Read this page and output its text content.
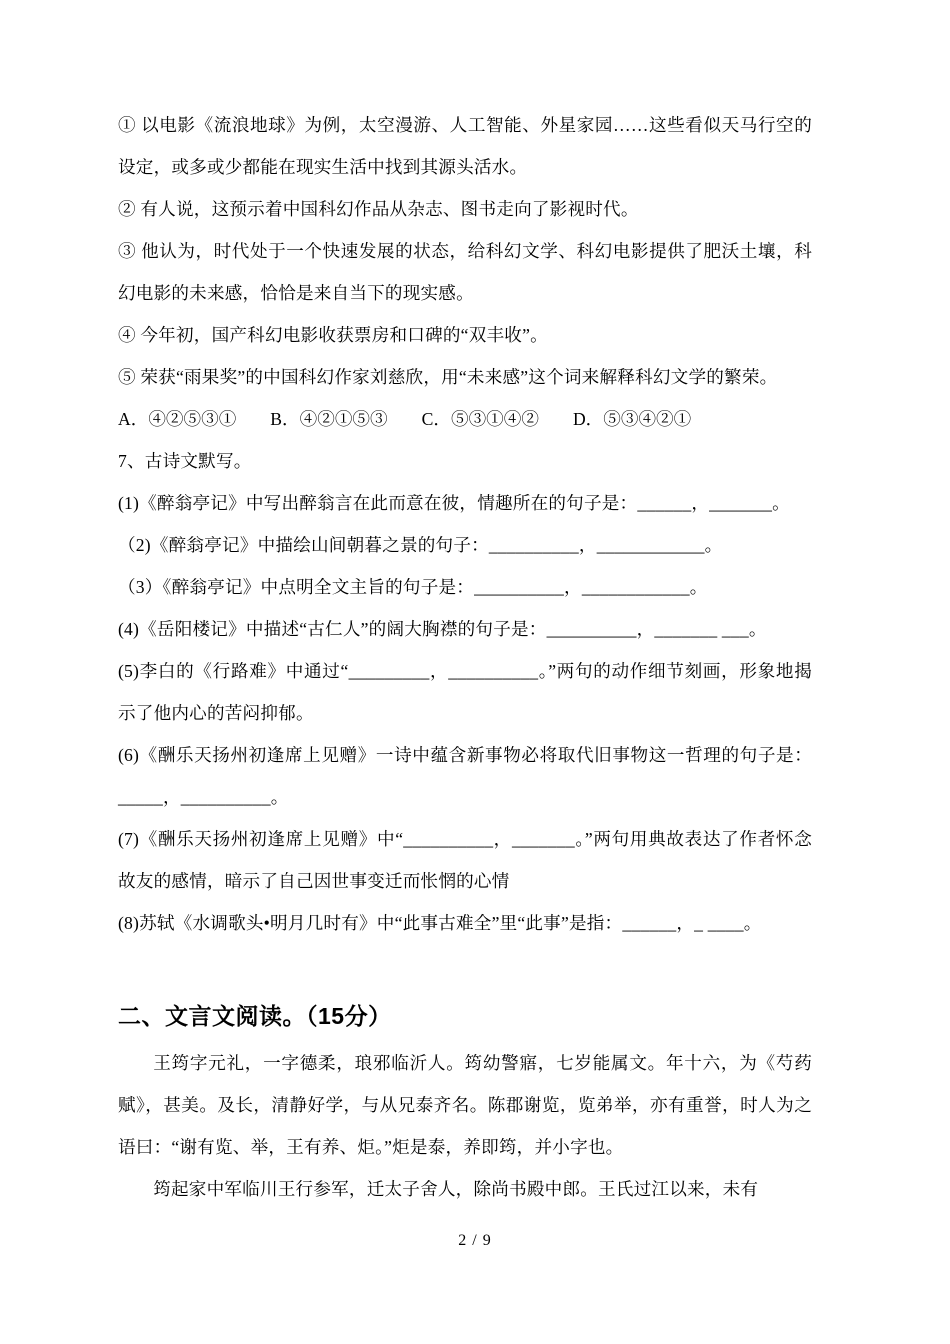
① 以电影《流浪地球》为例，太空漫游、人工智能、外星家园……这些看似天马行空的设定，或多或少都能在现实生活中找到其源头活水。

② 有人说，这预示着中国科幻作品从杂志、图书走向了影视时代。

③ 他认为，时代处于一个快速发展的状态，给科幻文学、科幻电影提供了肥沃土壤，科幻电影的未来感，恰恰是来自当下的现实感。

④ 今年初，国产科幻电影收获票房和口碑的“双丰收”。

⑤ 荣获“雨果奖”的中国科幻作家刘慈欣，用“未来感”这个词来解释科幻文学的繁荣。

A．④②⑤③① B．④②①⑤③ C．⑤③①④② D．⑤③④②①

7、古诗文默写。

(1)《醉翁亭记》中写出醉翁言在此而意在彼，情趣所在的句子是：______，_______。

（2)《醉翁亭记》中描绘山间朝暮之景的句子：__________，____________。

（3）《醉翁亭记》中点明全文主旨的句子是：__________，____________。

(4)《岳阳楼记》中描述“古仁人”的阔大胸襟的句子是：__________，_______ ___。

(5)李白的《行路难》中通过“_________，__________。”两句的动作细节刻画，形象地揭示了他内心的苦闷抑郁。

(6)《酬乐天扬州初逢席上见赠》一诗中蕴含新事物必将取代旧事物这一哲理的句子是：_____，__________。

(7)《酬乐天扬州初逢席上见赠》中“__________，_______。”两句用典故表达了作者怀念故友的感情，暗示了自己因世事变迁而怅惘的心情

(8)苏轼《水调歌头•明月几时有》中“此事古难全”里“此事”是指：______，_ ____。

二、文言文阅读。（15分）

王筠字元礼，一字德柔，琅邪临沂人。筠幼警寤，七岁能属文。年十六，为《芍药赋》，甚美。及长，清静好学，与从兄泰齐名。陈郡谢览，览弟举，亦有重誉，时人为之语曰：“谢有览、举，王有养、炬。”炬是泰，养即筠，并小字也。

筠起家中军临川王行参军，迁太子舍人，除尚书殿中郎。王氏过江以来，未有

2 / 9
